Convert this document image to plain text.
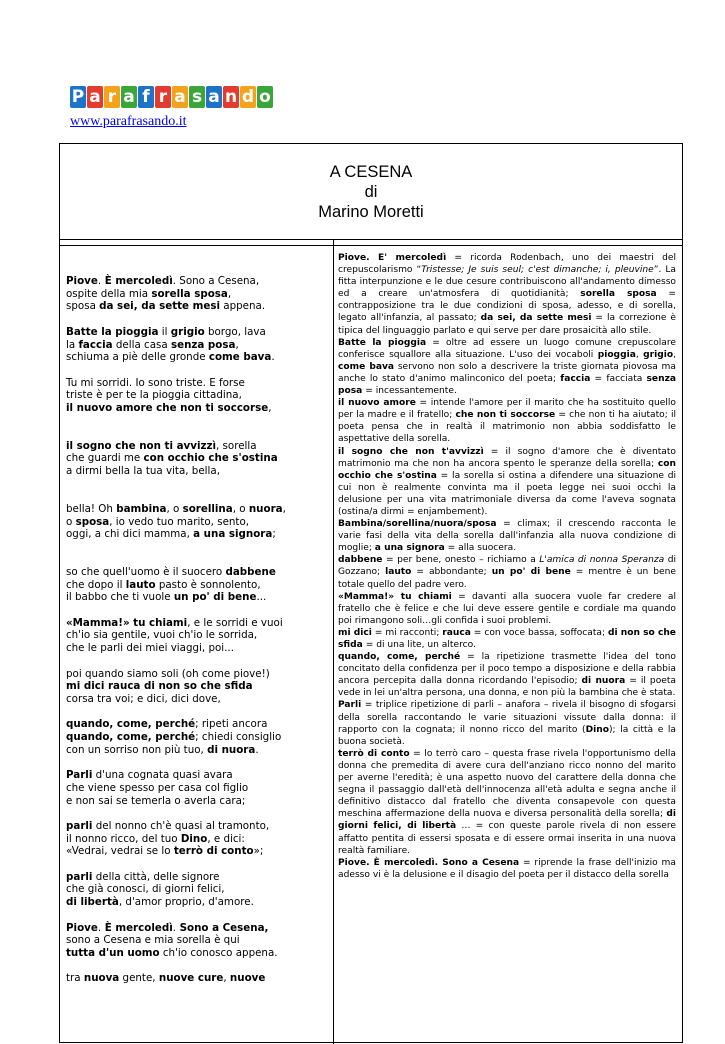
P a r a f r a s a n d o
www.parafrasando.it
A CESENA
di
Marino Moretti
Piove. È mercoledì. Sono a Cesena,
ospite della mia sorella sposa,
sposa da sei, da sette mesi appena.
Batte la pioggia il grigio borgo, lava
la faccia della casa senza posa,
schiuma a piè delle gronde come bava.
Tu mi sorridi. Io sono triste. E forse
triste è per te la pioggia cittadina,
il nuovo amore che non ti soccorse,
il sogno che non ti avvizzì, sorella
che guardi me con occhio che s'ostina
a dirmi bella la tua vita, bella,
bella! Oh bambina, o sorellina, o nuora,
o sposa, io vedo tuo marito, sento,
oggi, a chi dici mamma, a una signora;
so che quell'uomo è il suocero dabbene
che dopo il lauto pasto è sonnolento,
il babbo che ti vuole un po' di bene...
«Mamma!» tu chiami, e le sorridi e vuoi
ch'io sia gentile, vuoi ch'io le sorrida,
che le parli dei miei viaggi, poi...
poi quando siamo soli (oh come piove!)
mi dici rauca di non so che sfida
corsa tra voi; e dici, dici dove,
quando, come, perché; ripeti ancora
quando, come, perché; chiedi consiglio
con un sorriso non più tuo, di nuora.
Parli d'una cognata quasi avara
che viene spesso per casa col figlio
e non sai se temerla o averla cara;
parli del nonno ch'è quasi al tramonto,
il nonno ricco, del tuo Dino, e dici:
«Vedrai, vedrai se lo terrò di conto»;
parli della città, delle signore
che già conosci, di giorni felici,
di libertà, d'amor proprio, d'amore.
Piove. È mercoledì. Sono a Cesena,
sono a Cesena e mia sorella è qui
tutta d'un uomo ch'io conosco appena.
tra nuova gente, nuove cure, nuove

Piove. E' mercoledì = ricorda Rodenbach, uno dei maestri del crepuscolarismo “Tristesse; Je suis seul; c'est dimanche; i, pleuvine”. La fitta interpunzione e le due cesure contribuiscono all'andamento dimesso ed a creare un'atmosfera di quotidianità; sorella sposa = contrapposizione tra le due condizioni di sposa, adesso, e di sorella, legato all'infanzia, al passato; da sei, da sette mesi = la correzione è tipica del linguaggio parlato e qui serve per dare prosaicità allo stile.

Batte la pioggia = oltre ad essere un luogo comune crepuscolare conferisce squallore alla situazione. L'uso dei vocaboli pioggia, grigio, come bava servono non solo a descrivere la triste giornata piovosa ma anche lo stato d'animo malinconico del poeta; faccia = facciata senza posa = incessantemente.

il nuovo amore = intende l'amore per il marito che ha sostituito quello per la madre e il fratello; che non ti soccorse = che non ti ha aiutato; il poeta pensa che in realtà il matrimonio non abbia soddisfatto le aspettative della sorella.

il sogno che non t'avvizzì = il sogno d'amore che è diventato matrimonio ma che non ha ancora spento le speranze della sorella; con occhio che s'ostina = la sorella si ostina a difendere una situazione di cui non è realmente convinta ma il poeta legge nei suoi occhi la delusione per una vita matrimoniale diversa da come l'aveva sognata (ostina/a dirmi = enjambement).

Bambina/sorellina/nuora/sposa = climax; il crescendo racconta le varie fasi della vita della sorella dall'infanzia alla nuova condizione di moglie; a una signora = alla suocera.

dabbene = per bene, onesto – richiamo a L'amica di nonna Speranza di Gozzano; lauto = abbondante; un po' di bene = mentre è un bene totale quello del padre vero.

«Mamma!» tu chiami = davanti alla suocera vuole far credere al fratello che è felice e che lui deve essere gentile e cordiale ma quando poi rimangono soli…gli confida i suoi problemi.

mi dici = mi racconti; rauca = con voce bassa, soffocata; di non so che sfida = di una lite, un alterco.

quando, come, perché = la ripetizione trasmette l'idea del tono concitato della confidenza per il poco tempo a disposizione e della rabbia ancora percepita dalla donna ricordando l'episodio; di nuora = il poeta vede in lei un'altra persona, una donna, e non più la bambina che è stata.

Parli = triplice ripetizione di parli – anafora – rivela il bisogno di sfogarsi della sorella raccontando le varie situazioni vissute dalla donna: il rapporto con la cognata; il nonno ricco del marito (Dino); la città e la buona società.

terrò di conto = lo terrò caro – questa frase rivela l'opportunismo della donna che premedita di avere cura dell'anziano ricco nonno del marito per averne l'eredità; è una aspetto nuovo del carattere della donna che segna il passaggio dall'età dell'innocenza all'età adulta e segna anche il definitivo distacco dal fratello che diventa consapevole con questa meschina affermazione della nuova e diversa personalità della sorella; di giorni felici, di libertà … = con queste parole rivela di non essere affatto pentita di essersi sposata e di essere ormai inserita in una nuova realtà familiare.

Piove. È mercoledì. Sono a Cesena = riprende la frase dell'inizio ma adesso vi è la delusione e il disagio del poeta per il distacco della sorella
